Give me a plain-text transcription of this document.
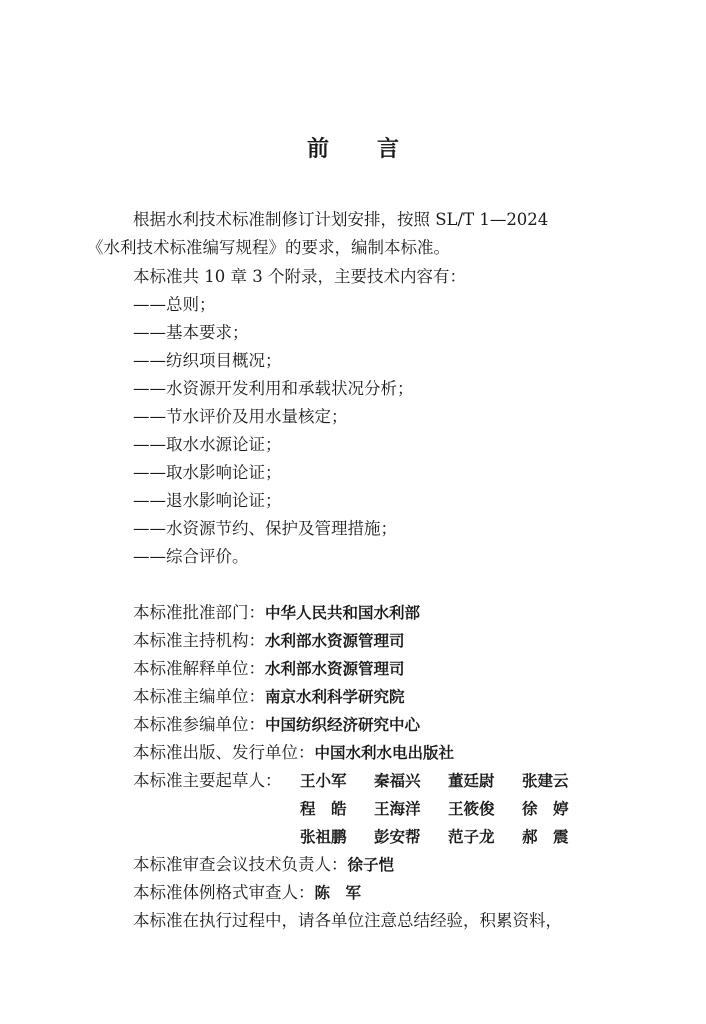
前 言
根据水利技术标准制修订计划安排，按照 SL/T 1—2024
《水利技术标准编写规程》的要求，编制本标准。
本标准共 10 章 3 个附录，主要技术内容有：
——总则；
——基本要求；
——纺织项目概况；
——水资源开发利用和承载状况分析；
——节水评价及用水量核定；
——取水水源论证；
——取水影响论证；
——退水影响论证；
——水资源节约、保护及管理措施；
——综合评价。
本标准批准部门：中华人民共和国水利部
本标准主持机构：水利部水资源管理司
本标准解释单位：水利部水资源管理司
本标准主编单位：南京水利科学研究院
本标准参编单位：中国纺织经济研究中心
本标准出版、发行单位：中国水利水电出版社
本标准主要起草人： 王小军 秦福兴 董廷尉 张建云
程　皓 王海洋 王筱俊 徐　婷
张祖鹏 彭安帮 范子龙 郝　震
本标准审查会议技术负责人：徐子恺
本标准体例格式审查人：陈　军
本标准在执行过程中，请各单位注意总结经验，积累资料，
